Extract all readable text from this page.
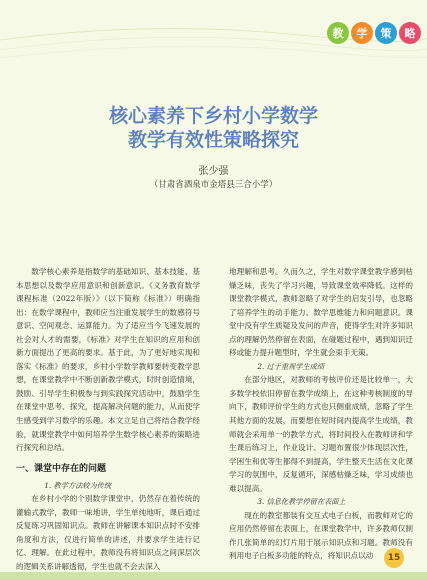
教	学	策	略

核心素养下乡村小学数学

教学有效性策略探究

张少强
（甘肃省酒泉市金塔县三合小学）

数学核心素养是指数学的基础知识、基本技能、基本思想以及数学应用意识和创新意识。《义务教育数学课程标准（2022年版）》（以下简称《标准》）明确指出：在数学课程中，教师应当注重发展学生的数感符号意识、空间观念、运算能力。为了适应当今飞速发展的社会对人才的需要，《标准》对学生在知识的应用和创新方面提出了更高的要求。基于此，为了更好地实现和落实《标准》的要求，乡村小学数学教师要转变教学思想，在课堂教学中不断创新教学模式，时时创造情境，鼓励、引导学生积极参与到实践探究活动中，鼓励学生在课堂中思考、探究，提高解决问题的能力，从而使学生感受到学习数学的乐趣。本文立足自己将结合教学经验，就课堂教学中如何培养学生数学核心素养的策略进行探究和总结。

一、课堂中存在的问题

1. 教学方法较为传统

在乡村小学的个别数学课堂中，仍然存在着传统的灌输式教学，教师一味地讲，学生单纯地听，课后通过反复练习巩固知识点。教师在讲解课本知识点时不安排角度和方法，仅进行简单的讲述，并要求学生进行记忆、理解。在此过程中，教师没有将知识点之间深层次的逻辑关系讲解透彻，学生也就不会去深入

地理解和思考。久而久之，学生对数学课堂教学感到枯燥乏味，丧失了学习兴趣，导致课堂效率降低。这样的课堂教学模式，教师忽略了对学生的启发引导，也忽略了培养学生的动手能力、数学思维能力和问题意识。课堂中没有学生质疑及发问的声音，使得学生对许多知识点的理解仍然停留在表面，在碰题过程中，遇到知识迁移或能力提升题型时，学生就会束手无策。

2. 过于重视学生成绩

在部分地区，对教师的考核评价还是比较单一，大多数学校依旧停留在教学成绩上，在这种考核制度的导向下，教师评价学生的方式也只侧重成绩，忽略了学生其他方面的发展，而要想在短时间内提高学生成绩，教师就会采用单一的教学方式，将时间投入在教师讲和学生课后练习上，作业设计、习题布置很少体现层次性，学困生和优等生都得不到提高，学生整天生活在文化课学习的氛围中，反复循环，深感枯燥乏味，学习成绩也难以提高。

3. 信息化教学停留在表面上

现在的教室都装有交互式电子白板，而教师对它的应用仍然停留在表面上，在课堂教学中，许多教师仅制作几张简单的幻灯片用于展示知识点和习题。教师没有利用电子白板多功能的特点，将知识点以动	15
